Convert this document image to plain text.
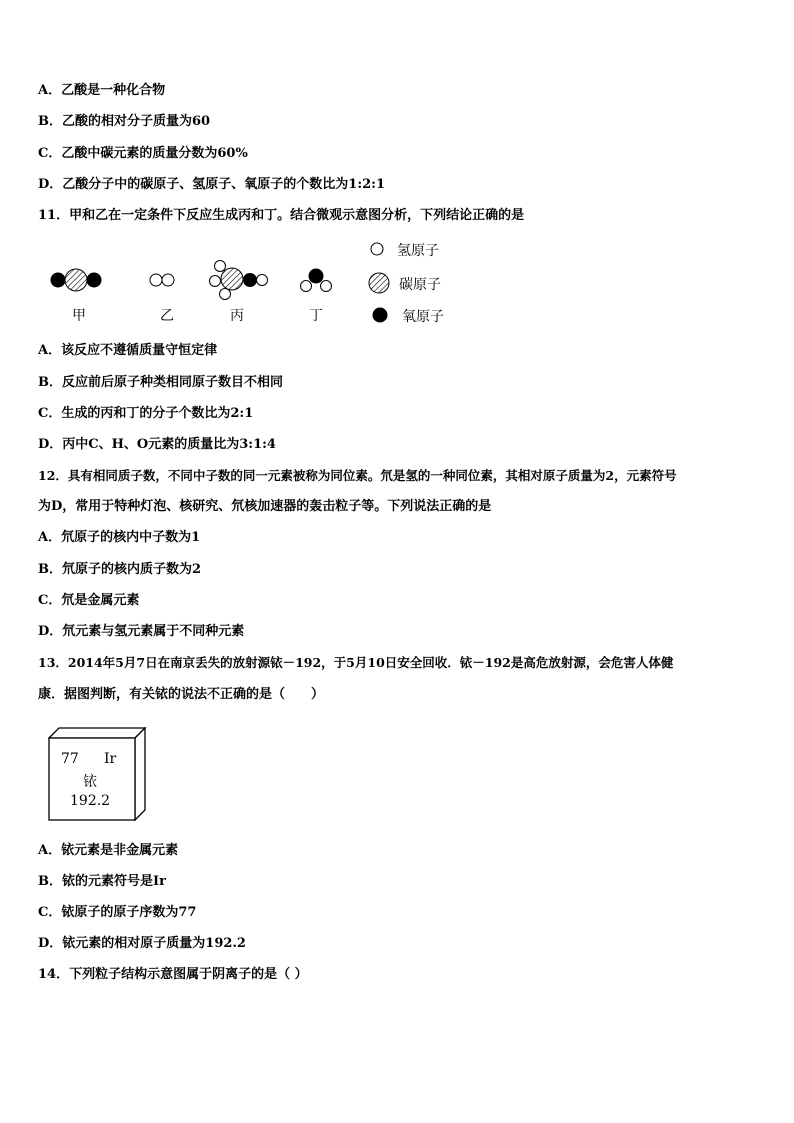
A．乙酸是一种化合物
B．乙酸的相对分子质量为60
C．乙酸中碳元素的质量分数为60%
D．乙酸分子中的碳原子、氢原子、氧原子的个数比为1:2:1
11．甲和乙在一定条件下反应生成丙和丁。结合微观示意图分析，下列结论正确的是
甲	乙	丙	丁
氢原子
碳原子
氧原子
A．该反应不遵循质量守恒定律
B．反应前后原子种类相同原子数目不相同
C．生成的丙和丁的分子个数比为2:1
D．丙中C、H、O元素的质量比为3:1:4
12．具有相同质子数，不同中子数的同一元素被称为同位素。氘是氢的一种同位素，其相对原子质量为2，元素符号
为D，常用于特种灯泡、核研究、氘核加速器的轰击粒子等。下列说法正确的是
A．氘原子的核内中子数为1
B．氘原子的核内质子数为2
C．氘是金属元素
D．氘元素与氢元素属于不同种元素
13．2014年5月7日在南京丢失的放射源铱－192，于5月10日安全回收．铱－192是高危放射源，会危害人体健
康．据图判断，有关铱的说法不正确的是（　　）
77 Ir
铱
192.2
A．铱元素是非金属元素
B．铱的元素符号是Ir
C．铱原子的原子序数为77
D．铱元素的相对原子质量为192.2
14．下列粒子结构示意图属于阴离子的是（ ）
